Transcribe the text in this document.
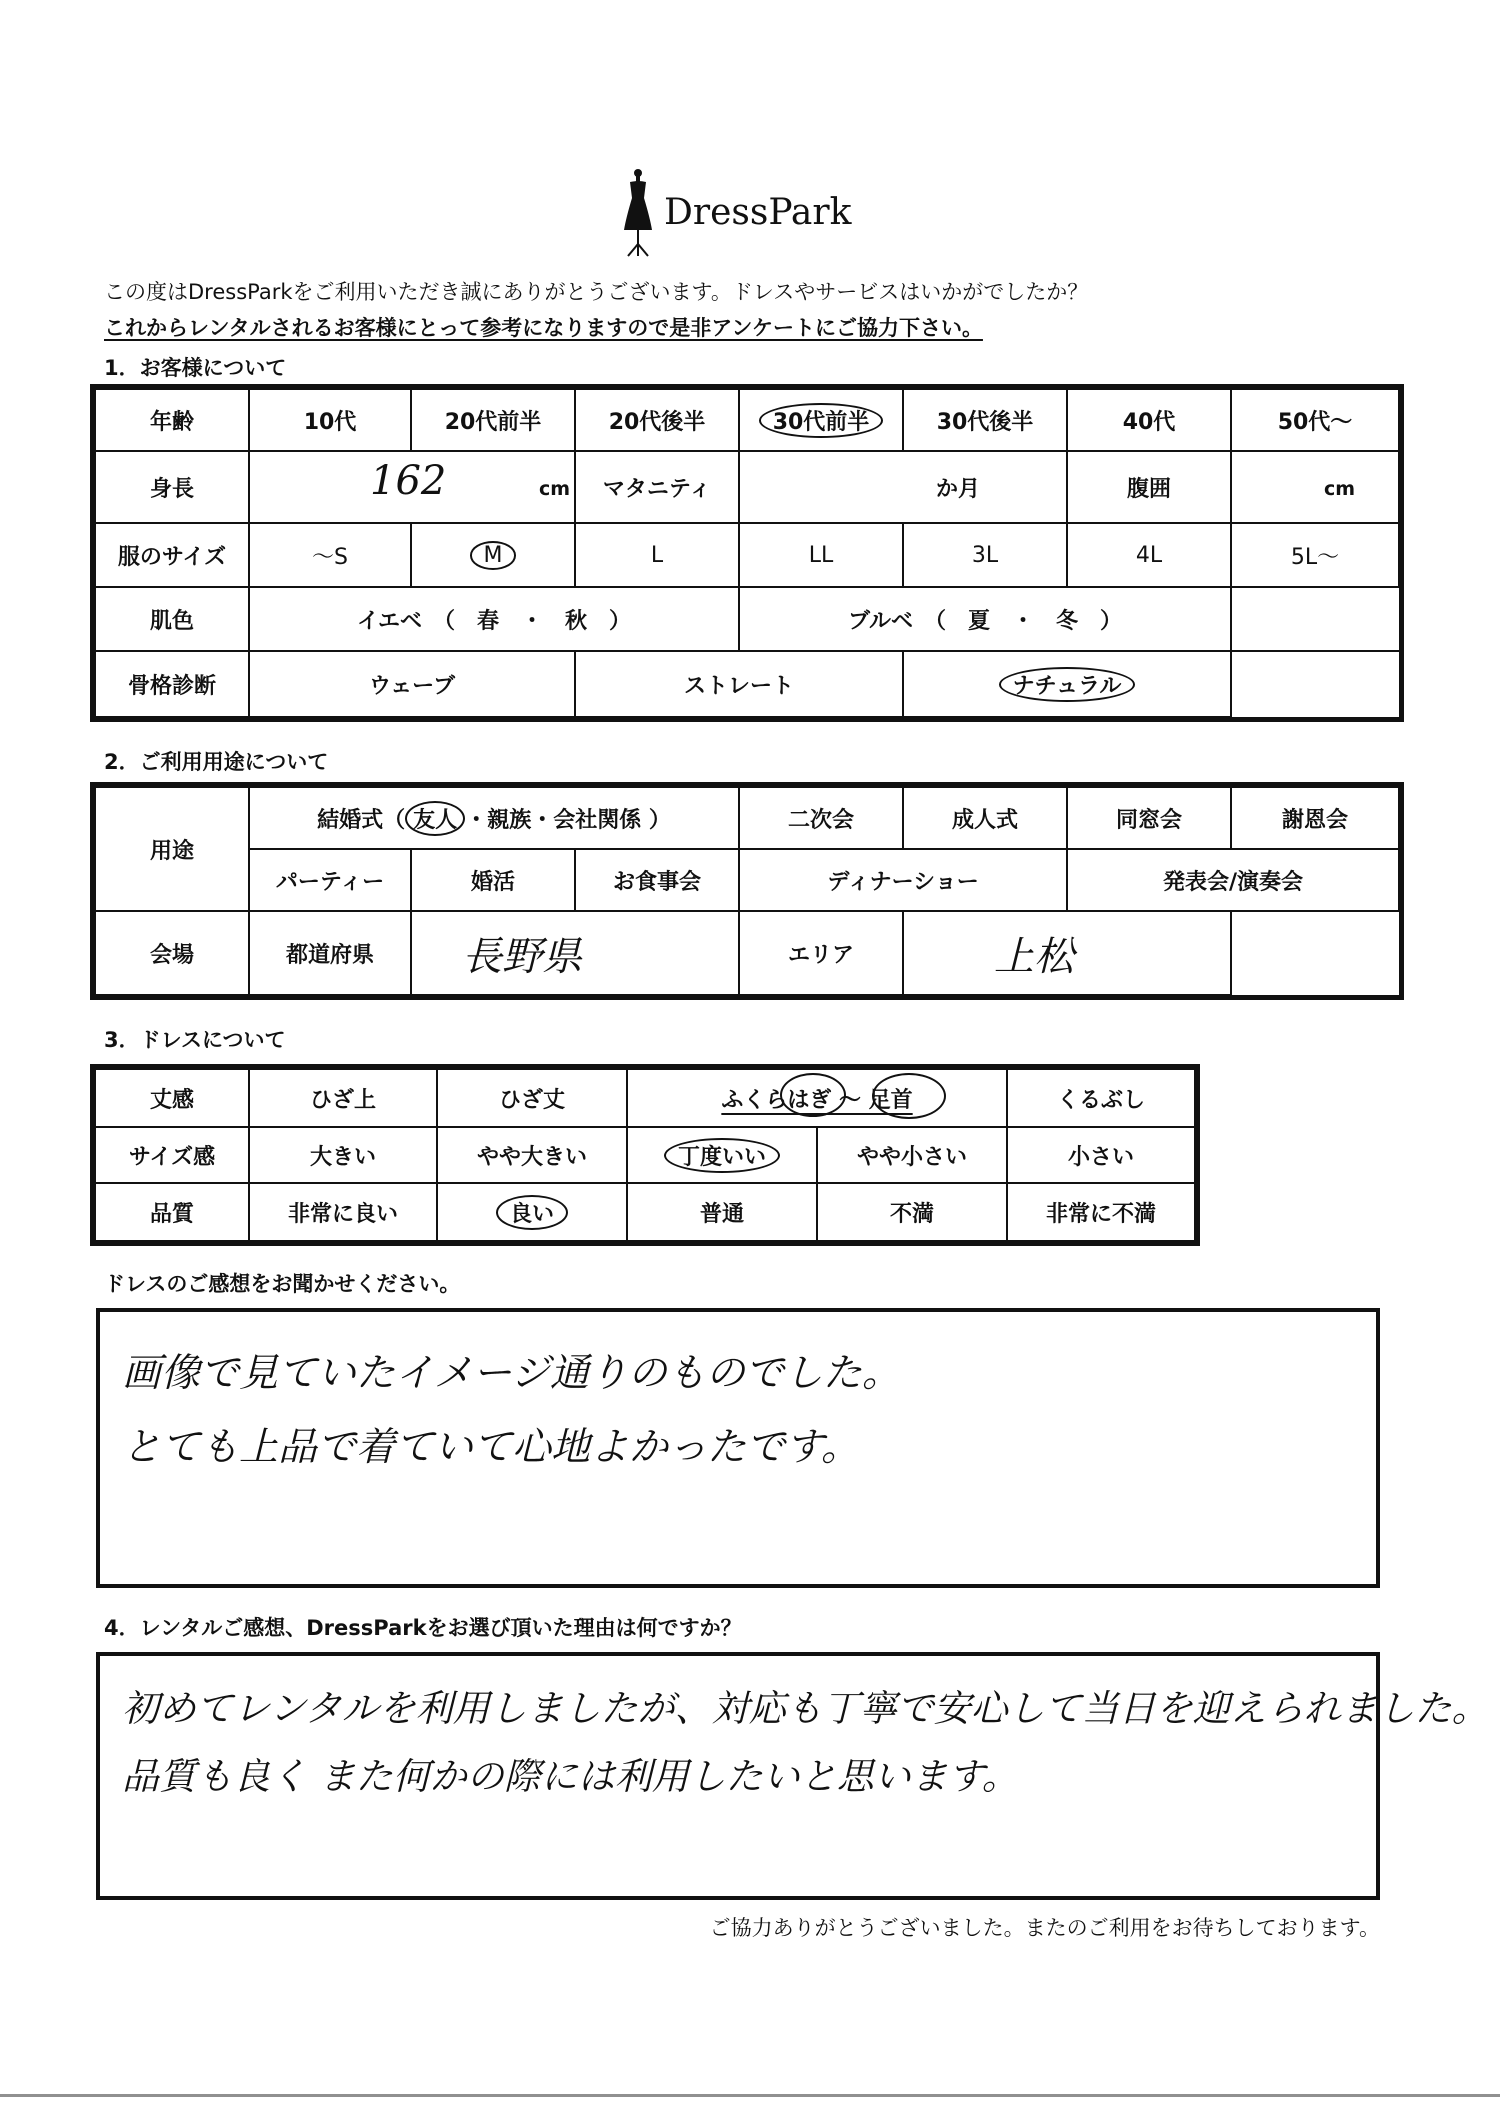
DressPark
この度はDressParkをご利用いただき誠にありがとうございます。ドレスやサービスはいかがでしたか？
これからレンタルされるお客様にとって参考になりますので是非アンケートにご協力下さい。
1．お客様について
年齢	10代	20代前半	20代後半	30代前半	30代後半	40代	50代～
身長	162 cm		マタニティ	か月		腹囲	cm

服のサイズ	～S	M	L	LL	3L	4L	5L～
肌色	イエベ　（　春　・　秋　）			ブルベ　（　夏　・　冬　）			
骨格診断	ウェーブ		ストレート		ナチュラル		
2．ご利用用途について
用途	結婚式（ 友人 ・親族・会社関係 ）			二次会	成人式	同窓会	謝恩会
	パーティー	婚活	お食事会	ディナーショー		発表会/演奏会	
会場	都道府県	長野県		エリア	上松		
3．ドレスについて
丈感	ひざ上	ひざ丈	ふくらはぎ ～ 足首		くるぶし
サイズ感	大きい	やや大きい	丁度いい	やや小さい	小さい
品質	非常に良い	良い	普通	不満	非常に不満
ドレスのご感想をお聞かせください。
画像で見ていたイメージ通りのものでした。
とても上品で着ていて心地よかったです。
4．レンタルご感想、DressParkをお選び頂いた理由は何ですか？
初めてレンタルを利用しましたが、対応も丁寧で安心して当日を迎えられました。
品質も良く また何かの際には利用したいと思います。
ご協力ありがとうございました。またのご利用をお待ちしております。
